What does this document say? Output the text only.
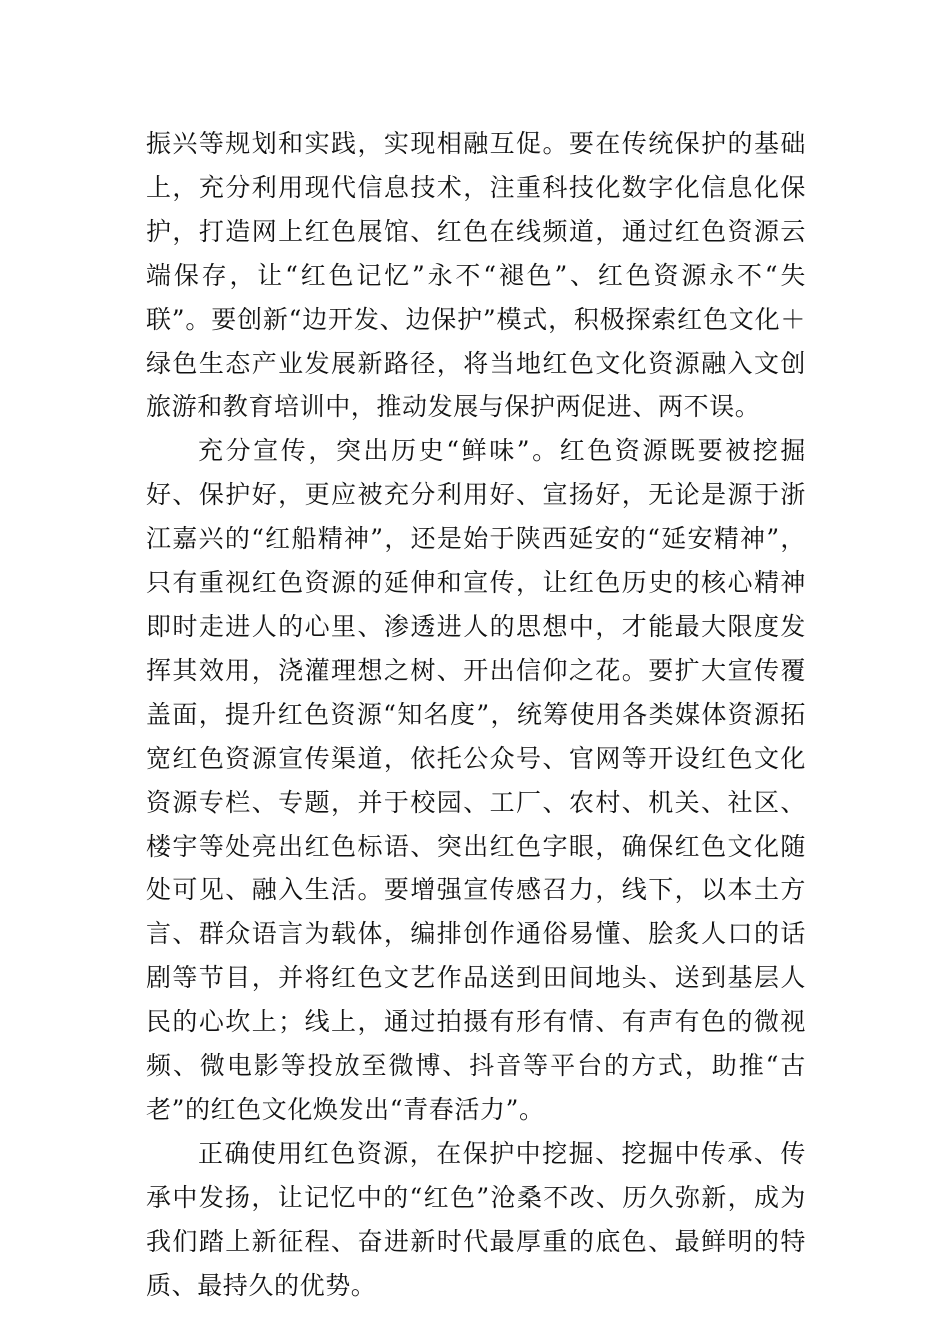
振兴等规划和实践，实现相融互促。要在传统保护的基础上，充分利用现代信息技术，注重科技化数字化信息化保护，打造网上红色展馆、红色在线频道，通过红色资源云端保存，让“红色记忆”永不“褪色”、红色资源永不“失联”。要创新“边开发、边保护”模式，积极探索红色文化＋绿色生态产业发展新路径，将当地红色文化资源融入文创旅游和教育培训中，推动发展与保护两促进、两不误。

充分宣传，突出历史“鲜味”。红色资源既要被挖掘好、保护好，更应被充分利用好、宣扬好，无论是源于浙江嘉兴的“红船精神”，还是始于陕西延安的“延安精神”，只有重视红色资源的延伸和宣传，让红色历史的核心精神即时走进人的心里、渗透进人的思想中，才能最大限度发挥其效用，浇灌理想之树、开出信仰之花。要扩大宣传覆盖面，提升红色资源“知名度”，统筹使用各类媒体资源拓宽红色资源宣传渠道，依托公众号、官网等开设红色文化资源专栏、专题，并于校园、工厂、农村、机关、社区、楼宇等处亮出红色标语、突出红色字眼，确保红色文化随处可见、融入生活。要增强宣传感召力，线下，以本土方言、群众语言为载体，编排创作通俗易懂、脍炙人口的话剧等节目，并将红色文艺作品送到田间地头、送到基层人民的心坎上；线上，通过拍摄有形有情、有声有色的微视频、微电影等投放至微博、抖音等平台的方式，助推“古老”的红色文化焕发出“青春活力”。

正确使用红色资源，在保护中挖掘、挖掘中传承、传承中发扬，让记忆中的“红色”沧桑不改、历久弥新，成为我们踏上新征程、奋进新时代最厚重的底色、最鲜明的特质、最持久的优势。
